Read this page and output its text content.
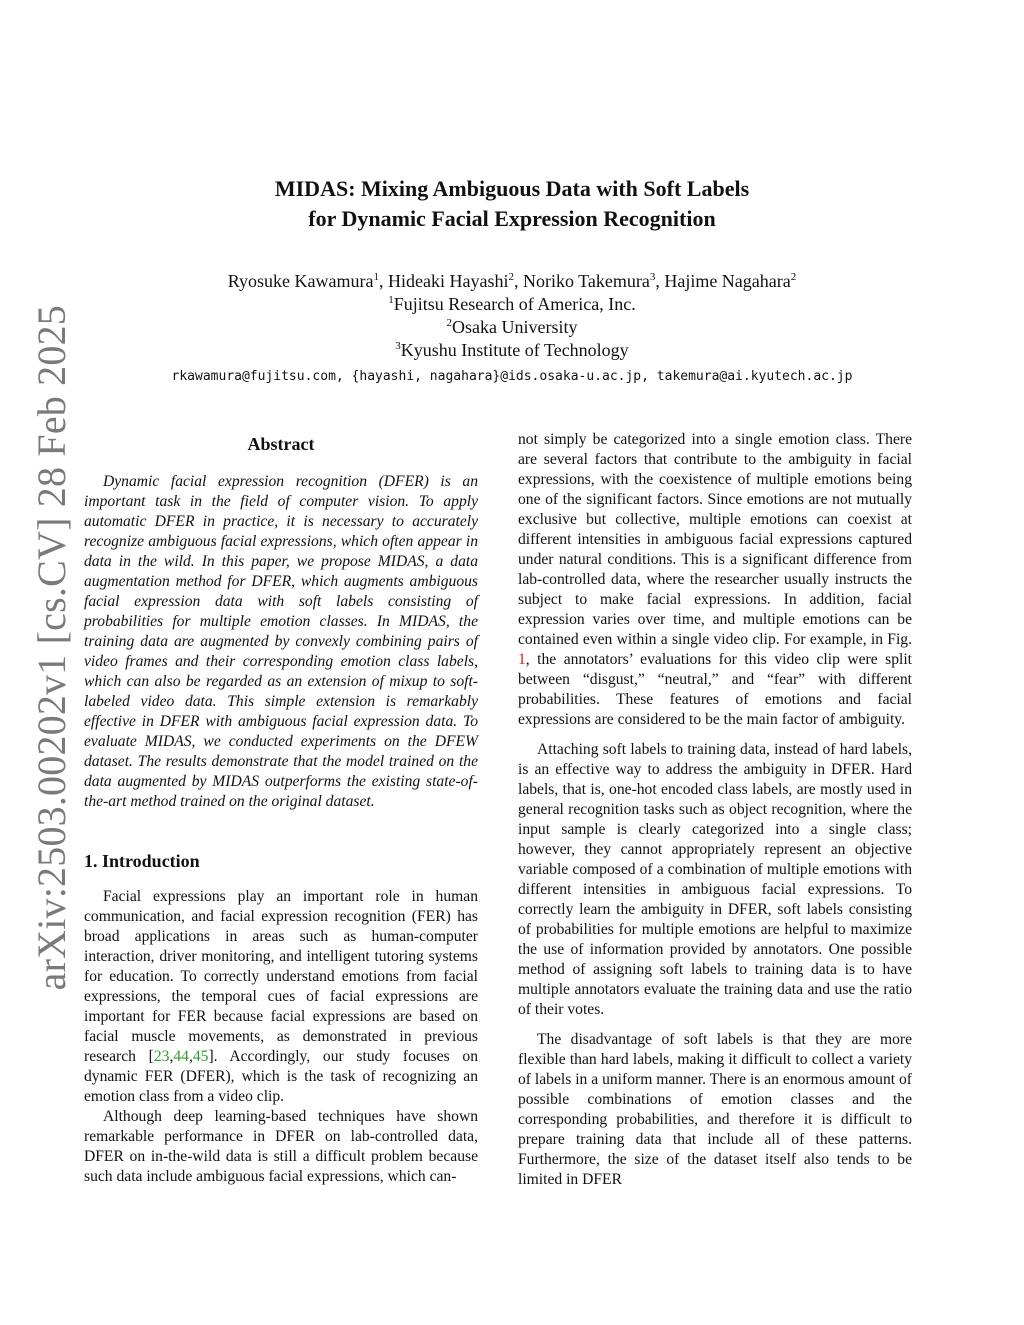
arXiv:2503.00202v1 [cs.CV] 28 Feb 2025
MIDAS: Mixing Ambiguous Data with Soft Labels
for Dynamic Facial Expression Recognition
Ryosuke Kawamura$^1$, Hideaki Hayashi$^2$, Noriko Takemura$^3$, Hajime Nagahara$^2$
$^1$Fujitsu Research of America, Inc.
$^2$Osaka University
$^3$Kyushu Institute of Technology
rkawamura@fujitsu.com, {hayashi, nagahara}@ids.osaka-u.ac.jp, takemura@ai.kyutech.ac.jp
Abstract

Dynamic facial expression recognition (DFER) is an important task in the field of computer vision. To apply automatic DFER in practice, it is necessary to accurately recognize ambiguous facial expressions, which often appear in data in the wild. In this paper, we propose MIDAS, a data augmentation method for DFER, which augments ambiguous facial expression data with soft labels consisting of probabilities for multiple emotion classes. In MIDAS, the training data are augmented by convexly combining pairs of video frames and their corresponding emotion class labels, which can also be regarded as an extension of mixup to soft-labeled video data. This simple extension is remarkably effective in DFER with ambiguous facial expression data. To evaluate MIDAS, we conducted experiments on the DFEW dataset. The results demonstrate that the model trained on the data augmented by MIDAS outperforms the existing state-of-the-art method trained on the original dataset.

1. Introduction

Facial expressions play an important role in human communication, and facial expression recognition (FER) has broad applications in areas such as human-computer interaction, driver monitoring, and intelligent tutoring systems for education. To correctly understand emotions from facial expressions, the temporal cues of facial expressions are important for FER because facial expressions are based on facial muscle movements, as demonstrated in previous research [23,44,45]. Accordingly, our study focuses on dynamic FER (DFER), which is the task of recognizing an emotion class from a video clip.

Although deep learning-based techniques have shown remarkable performance in DFER on lab-controlled data, DFER on in-the-wild data is still a difficult problem because such data include ambiguous facial expressions, which can-

not simply be categorized into a single emotion class. There are several factors that contribute to the ambiguity in facial expressions, with the coexistence of multiple emotions being one of the significant factors. Since emotions are not mutually exclusive but collective, multiple emotions can coexist at different intensities in ambiguous facial expressions captured under natural conditions. This is a significant difference from lab-controlled data, where the researcher usually instructs the subject to make facial expressions. In addition, facial expression varies over time, and multiple emotions can be contained even within a single video clip. For example, in Fig. 1, the annotators’ evaluations for this video clip were split between “disgust,” “neutral,” and “fear” with different probabilities. These features of emotions and facial expressions are considered to be the main factor of ambiguity.

Attaching soft labels to training data, instead of hard labels, is an effective way to address the ambiguity in DFER. Hard labels, that is, one-hot encoded class labels, are mostly used in general recognition tasks such as object recognition, where the input sample is clearly categorized into a single class; however, they cannot appropriately represent an objective variable composed of a combination of multiple emotions with different intensities in ambiguous facial expressions. To correctly learn the ambiguity in DFER, soft labels consisting of probabilities for multiple emotions are helpful to maximize the use of information provided by annotators. One possible method of assigning soft labels to training data is to have multiple annotators evaluate the training data and use the ratio of their votes.

The disadvantage of soft labels is that they are more flexible than hard labels, making it difficult to collect a variety of labels in a uniform manner. There is an enormous amount of possible combinations of emotion classes and the corresponding probabilities, and therefore it is difficult to prepare training data that include all of these patterns. Furthermore, the size of the dataset itself also tends to be limited in DFER
